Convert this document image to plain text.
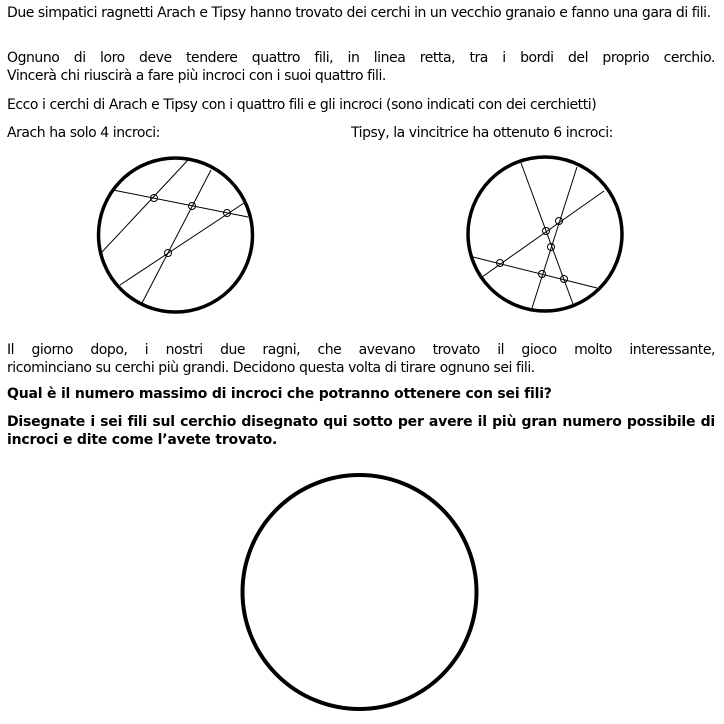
Due simpatici ragnetti Arach e Tipsy hanno trovato dei cerchi in un vecchio granaio e fanno una gara di fili.
Ognuno di loro deve tendere quattro fili, in linea retta, tra i bordi del proprio cerchio.
Vincerà chi riuscirà a fare più incroci con i suoi quattro fili.
Ecco i cerchi di Arach e Tipsy con i quattro fili e gli incroci (sono indicati con dei cerchietti)
Arach ha solo 4 incroci:	Tipsy, la vincitrice ha ottenuto 6 incroci:
Il giorno dopo, i nostri due ragni, che avevano trovato il gioco molto interessante,
ricominciano su cerchi più grandi. Decidono questa volta di tirare ognuno sei fili.
Qual è il numero massimo di incroci che potranno ottenere con sei fili?
Disegnate i sei fili sul cerchio disegnato qui sotto per avere il più gran numero possibile di incroci e dite come l’avete trovato.
